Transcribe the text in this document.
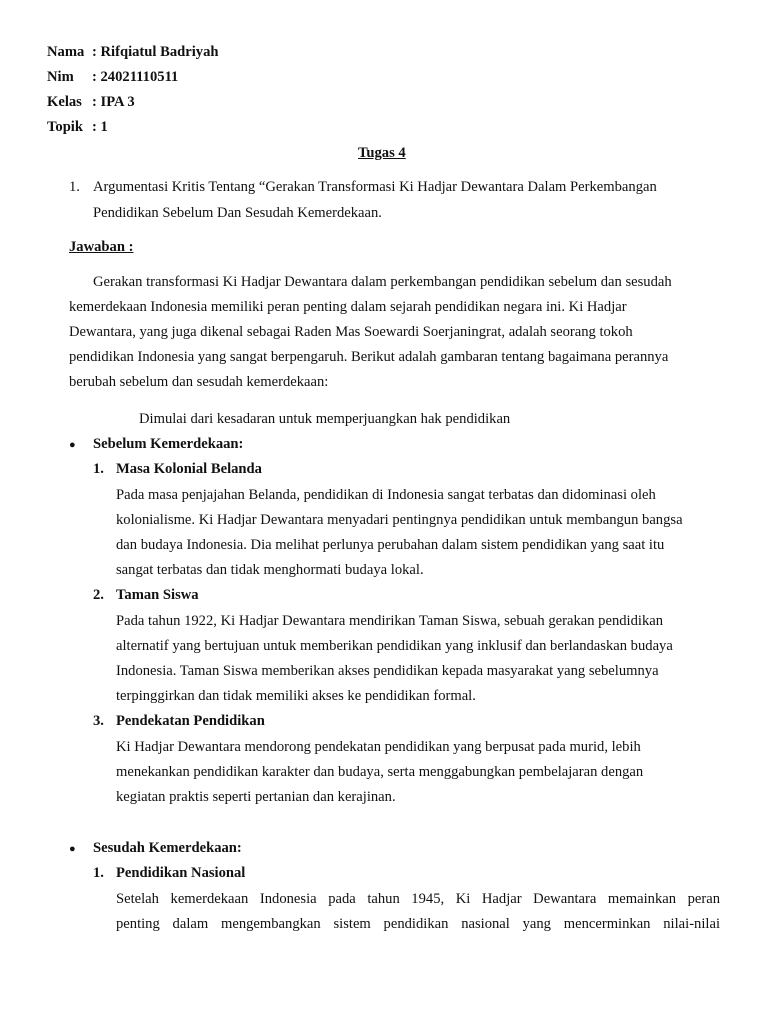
Nama : Rifqiatul Badriyah
Nim : 24021110511
Kelas : IPA 3
Topik : 1
Tugas 4
1. Argumentasi Kritis Tentang “Gerakan Transformasi Ki Hadjar Dewantara Dalam Perkembangan
Pendidikan Sebelum Dan Sesudah Kemerdekaan.
Jawaban :
Gerakan transformasi Ki Hadjar Dewantara dalam perkembangan pendidikan sebelum dan sesudah
kemerdekaan Indonesia memiliki peran penting dalam sejarah pendidikan negara ini. Ki Hadjar
Dewantara, yang juga dikenal sebagai Raden Mas Soewardi Soerjaningrat, adalah seorang tokoh
pendidikan Indonesia yang sangat berpengaruh. Berikut adalah gambaran tentang bagaimana perannya
berubah sebelum dan sesudah kemerdekaan:
Dimulai dari kesadaran untuk memperjuangkan hak pendidikan
● Sebelum Kemerdekaan:
1. Masa Kolonial Belanda
Pada masa penjajahan Belanda, pendidikan di Indonesia sangat terbatas dan didominasi oleh
kolonialisme. Ki Hadjar Dewantara menyadari pentingnya pendidikan untuk membangun bangsa
dan budaya Indonesia. Dia melihat perlunya perubahan dalam sistem pendidikan yang saat itu
sangat terbatas dan tidak menghormati budaya lokal.
2. Taman Siswa
Pada tahun 1922, Ki Hadjar Dewantara mendirikan Taman Siswa, sebuah gerakan pendidikan
alternatif yang bertujuan untuk memberikan pendidikan yang inklusif dan berlandaskan budaya
Indonesia. Taman Siswa memberikan akses pendidikan kepada masyarakat yang sebelumnya
terpinggirkan dan tidak memiliki akses ke pendidikan formal.
3. Pendekatan Pendidikan
Ki Hadjar Dewantara mendorong pendekatan pendidikan yang berpusat pada murid, lebih
menekankan pendidikan karakter dan budaya, serta menggabungkan pembelajaran dengan
kegiatan praktis seperti pertanian dan kerajinan.
● Sesudah Kemerdekaan:
1. Pendidikan Nasional
Setelah kemerdekaan Indonesia pada tahun 1945, Ki Hadjar Dewantara memainkan peran
penting dalam mengembangkan sistem pendidikan nasional yang mencerminkan nilai-nilai
